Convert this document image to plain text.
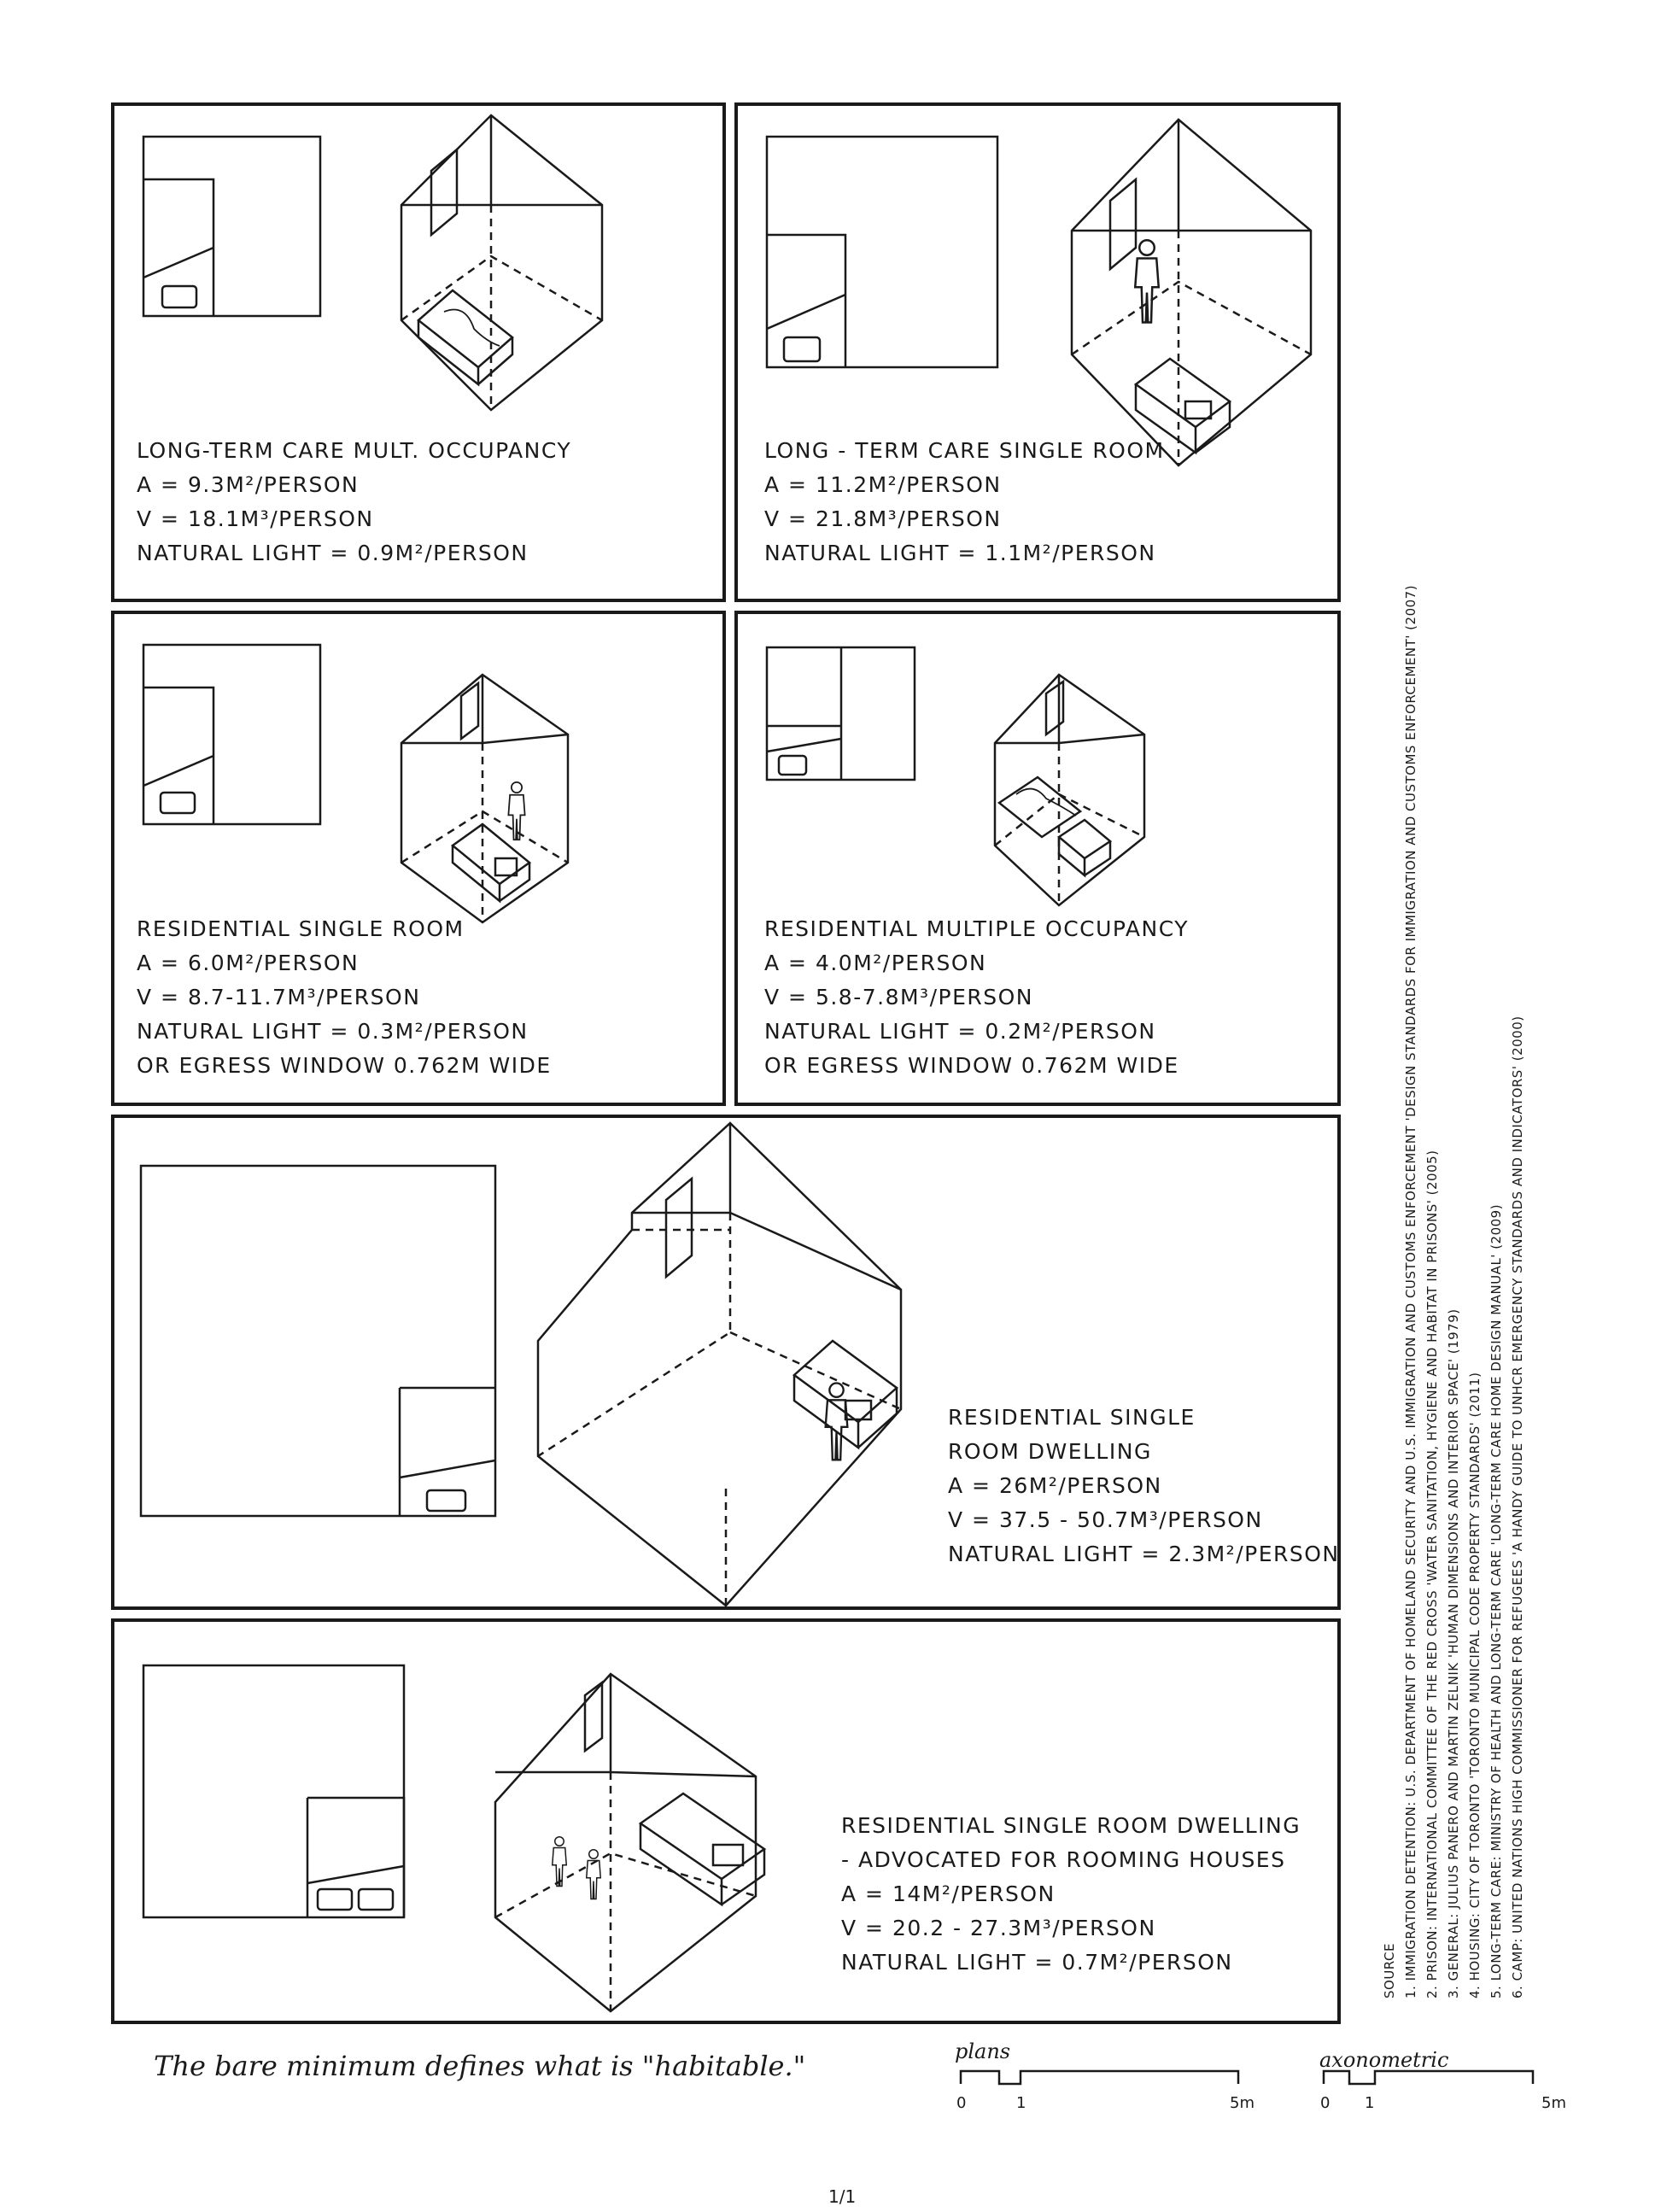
LONG-TERM CARE MULT. OCCUPANCY
A = 9.3M²/PERSON
V = 18.1M³/PERSON
NATURAL LIGHT = 0.9M²/PERSON
LONG - TERM CARE SINGLE ROOM
A = 11.2M²/PERSON
V = 21.8M³/PERSON
NATURAL LIGHT = 1.1M²/PERSON
RESIDENTIAL SINGLE ROOM
A = 6.0M²/PERSON
V = 8.7-11.7M³/PERSON
NATURAL LIGHT = 0.3M²/PERSON
OR EGRESS WINDOW 0.762M WIDE
RESIDENTIAL MULTIPLE OCCUPANCY
A = 4.0M²/PERSON
V = 5.8-7.8M³/PERSON
NATURAL LIGHT = 0.2M²/PERSON
OR EGRESS WINDOW 0.762M WIDE
RESIDENTIAL SINGLE
ROOM DWELLING
A = 26M²/PERSON
V = 37.5 - 50.7M³/PERSON
NATURAL LIGHT = 2.3M²/PERSON
RESIDENTIAL SINGLE ROOM DWELLING
- ADVOCATED FOR ROOMING HOUSES
A = 14M²/PERSON
V = 20.2 - 27.3M³/PERSON
NATURAL LIGHT = 0.7M²/PERSON	SOURCE 1. IMMIGRATION DETENTION: U.S. DEPARTMENT OF HOMELAND SECURITY AND U.S. IMMIGRATION AND CUSTOMS ENFORCEMENT 'DESIGN STANDARDS FOR IMMIGRATION AND CUSTOMS ENFORCEMENT' (2007) 2. PRISON: INTERNATIONAL COMMITTEE OF THE RED CROSS 'WATER SANITATION, HYGIENE AND HABITAT IN PRISONS' (2005) 3. GENERAL: JULIUS PANERO AND MARTIN ZELNIK 'HUMAN DIMENSIONS AND INTERIOR SPACE' (1979) 4. HOUSING: CITY OF TORONTO 'TORONTO MUNICIPAL CODE PROPERTY STANDARDS' (2011) 5. LONG-TERM CARE: MINISTRY OF HEALTH AND LONG-TERM CARE 'LONG-TERM CARE HOME DESIGN MANUAL' (2009) 6. CAMP: UNITED NATIONS HIGH COMMISSIONER FOR REFUGEES 'A HANDY GUIDE TO UNHCR EMERGENCY STANDARDS AND INDICATORS' (2000)
The bare minimum defines what is "habitable."	plans
0	1	5m
axonometric
0 1	5m
1/1
